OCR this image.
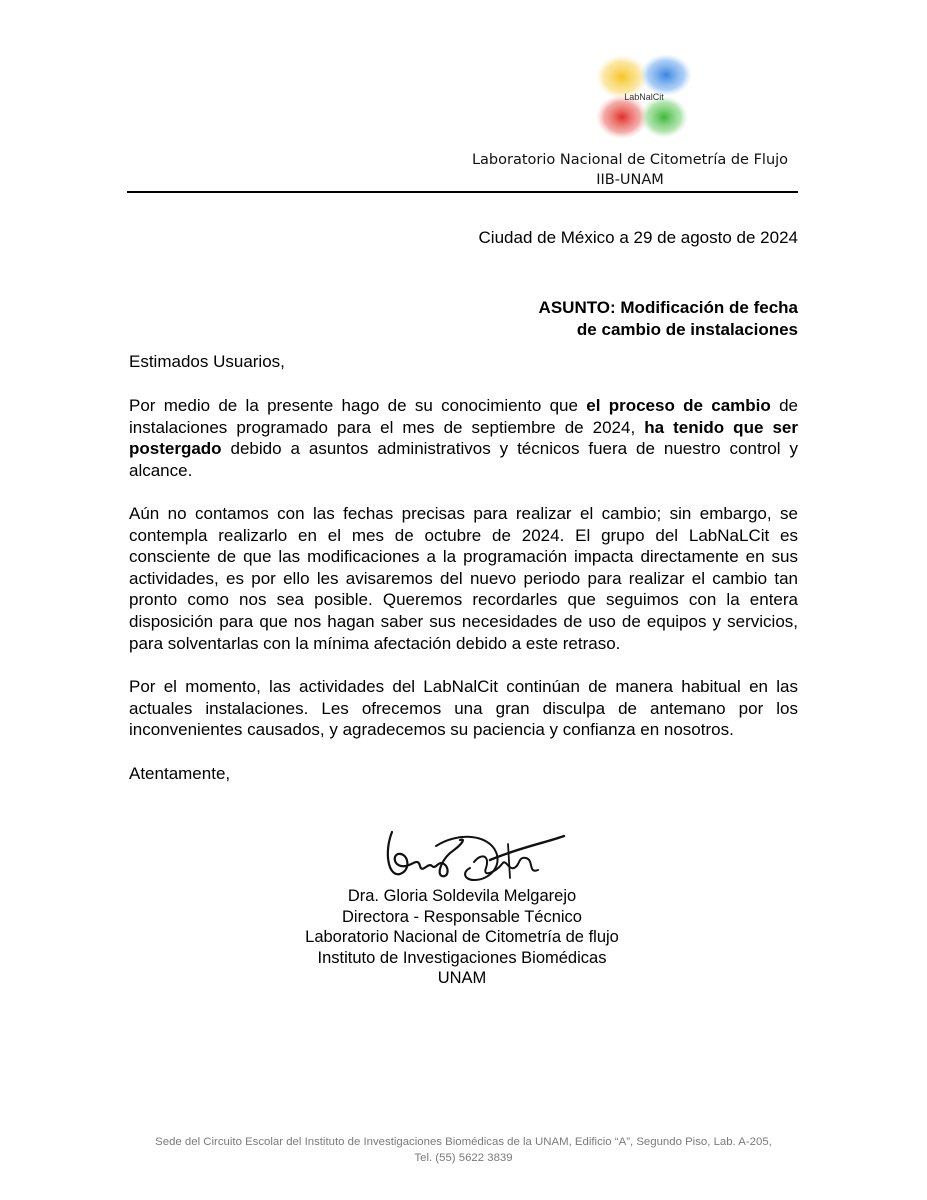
LabNalCit
Laboratorio Nacional de Citometría de Flujo
IIB-UNAM
Ciudad de México a 29 de agosto de 2024
ASUNTO: Modificación de fecha
de cambio de instalaciones
Estimados Usuarios,
Por medio de la presente hago de su conocimiento que el proceso de cambio de instalaciones programado para el mes de septiembre de 2024, ha tenido que ser postergado debido a asuntos administrativos y técnicos fuera de nuestro control y alcance.
Aún no contamos con las fechas precisas para realizar el cambio; sin embargo, se contempla realizarlo en el mes de octubre de 2024. El grupo del LabNaLCit es consciente de que las modificaciones a la programación impacta directamente en sus actividades, es por ello les avisaremos del nuevo periodo para realizar el cambio tan pronto como nos sea posible. Queremos recordarles que seguimos con la entera disposición para que nos hagan saber sus necesidades de uso de equipos y servicios, para solventarlas con la mínima afectación debido a este retraso.
Por el momento, las actividades del LabNalCit continúan de manera habitual en las actuales instalaciones. Les ofrecemos una gran disculpa de antemano por los inconvenientes causados, y agradecemos su paciencia y confianza en nosotros.
Atentamente,
Dra. Gloria Soldevila Melgarejo
Directora - Responsable Técnico
Laboratorio Nacional de Citometría de flujo
Instituto de Investigaciones Biomédicas
UNAM
Sede del Circuito Escolar del Instituto de Investigaciones Biomédicas de la UNAM, Edificio “A”, Segundo Piso, Lab. A-205,
Tel. (55) 5622 3839
